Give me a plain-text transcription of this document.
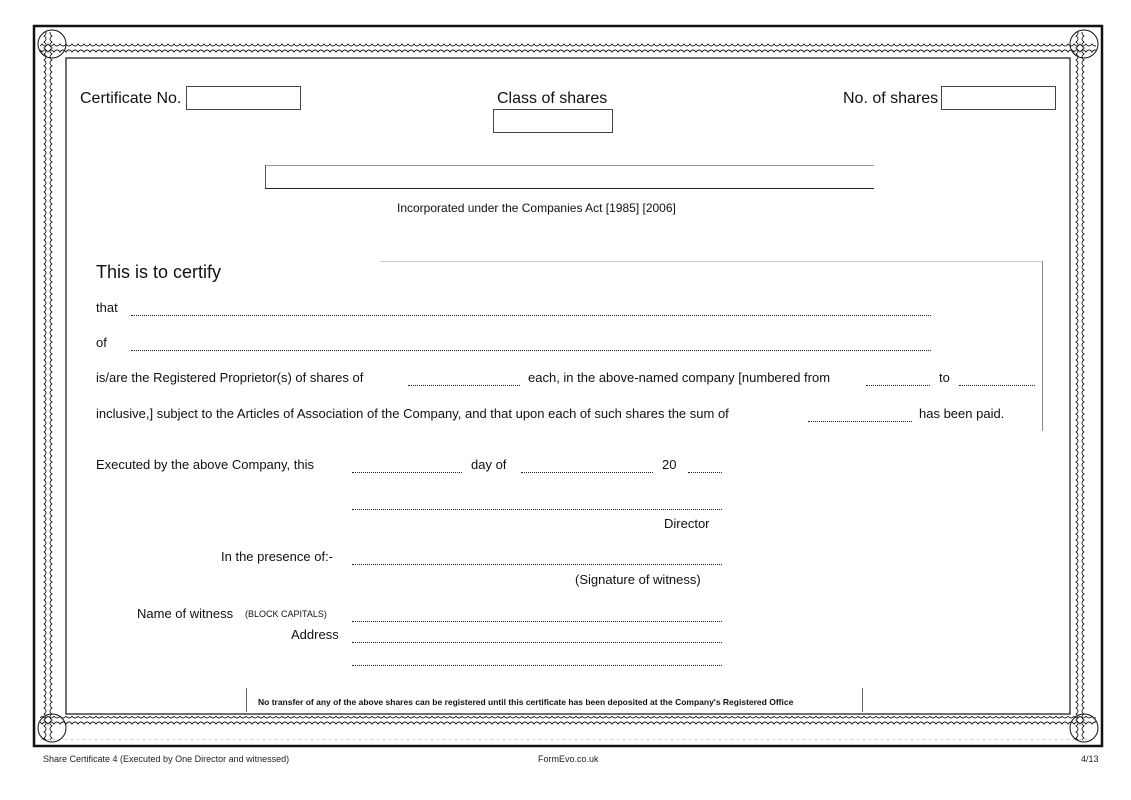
Certificate No.	Class of shares	No. of shares
Incorporated under the Companies Act [1985] [2006]
This is to certify
that
of
is/are the Registered Proprietor(s) of shares of	each, in the above-named company [numbered from	to
inclusive,] subject to the Articles of Association of the Company, and that upon each of such shares the sum of	has been paid.
Executed by the above Company, this	day of	20
Director
In the presence of:-
(Signature of witness)
Name of witness (BLOCK CAPITALS)
Address
No transfer of any of the above shares can be registered until this certificate has been deposited at the Company's Registered Office
Share Certificate 4 (Executed by One Director and witnessed)	FormEvo.co.uk	4/13
